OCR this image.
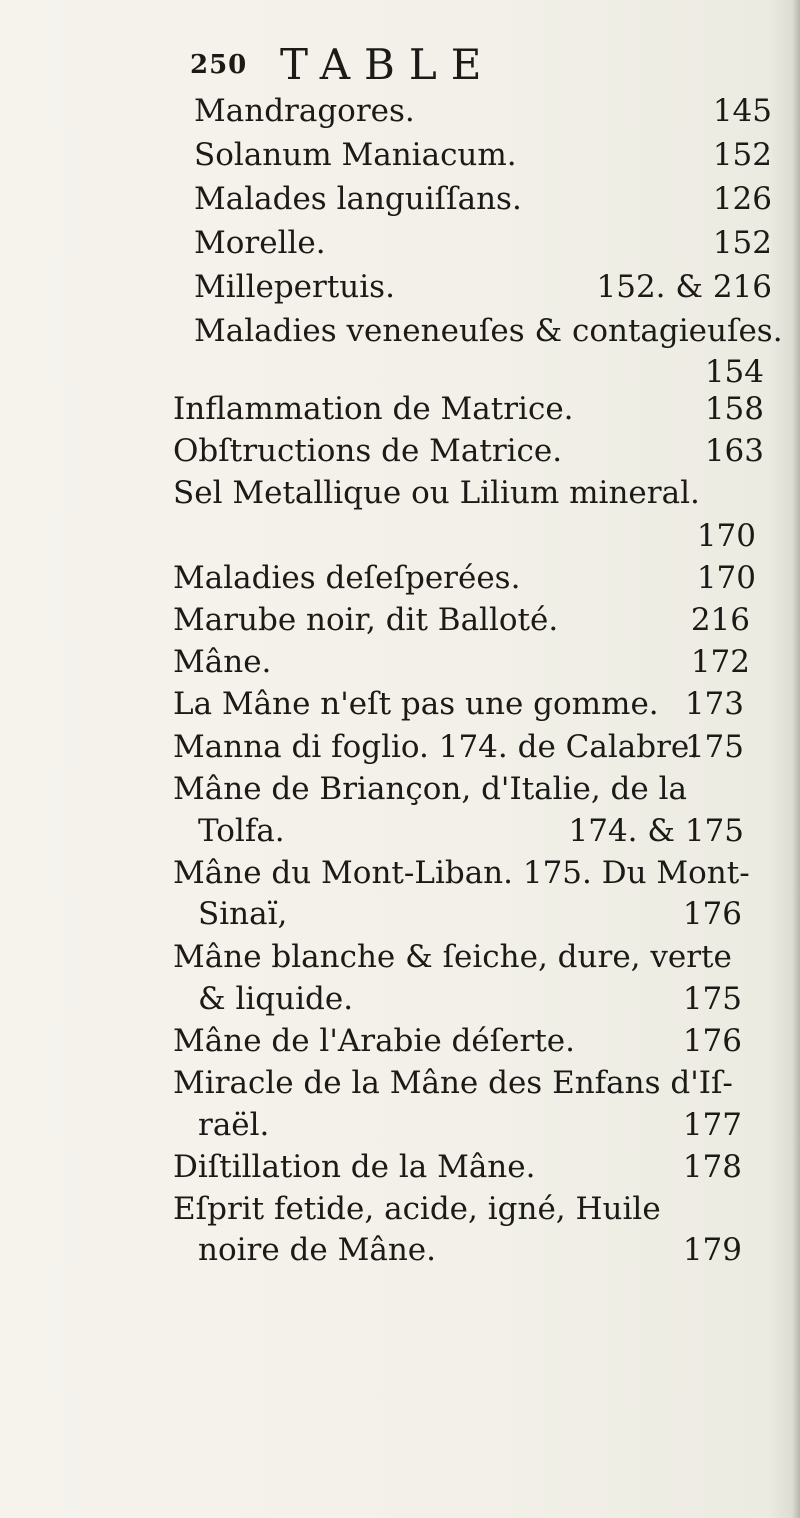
250 TABLE
Mandragores.	145
Solanum Maniacum.	152
Malades languiſſans.	126
Morelle.	152
Millepertuis.	152. & 216
Maladies veneneuſes & contagieuſes.
154
Inflammation de Matrice.	158
Obſtructions de Matrice.	163
Sel Metallique ou Lilium mineral.
170
Maladies deſeſperées.	170
Marube noir, dit Balloté.	216
Mâne.	172
La Mâne n'eſt pas une gomme. 173
Manna di foglio. 174. de Calabre.
175
Mâne de Briançon, d'Italie, de la
Tolfa.	174. & 175
Mâne du Mont-Liban. 175. Du Mont-
Sinaï,	176
Mâne blanche & ſeiche, dure, verte
& liquide.	175
Mâne de l'Arabie déſerte.	176
Miracle de la Mâne des Enfans d'Iſ-
raël.	177
Diſtillation de la Mâne.	178
Eſprit fetide, acide, igné, Huile
noire de Mâne.	179
